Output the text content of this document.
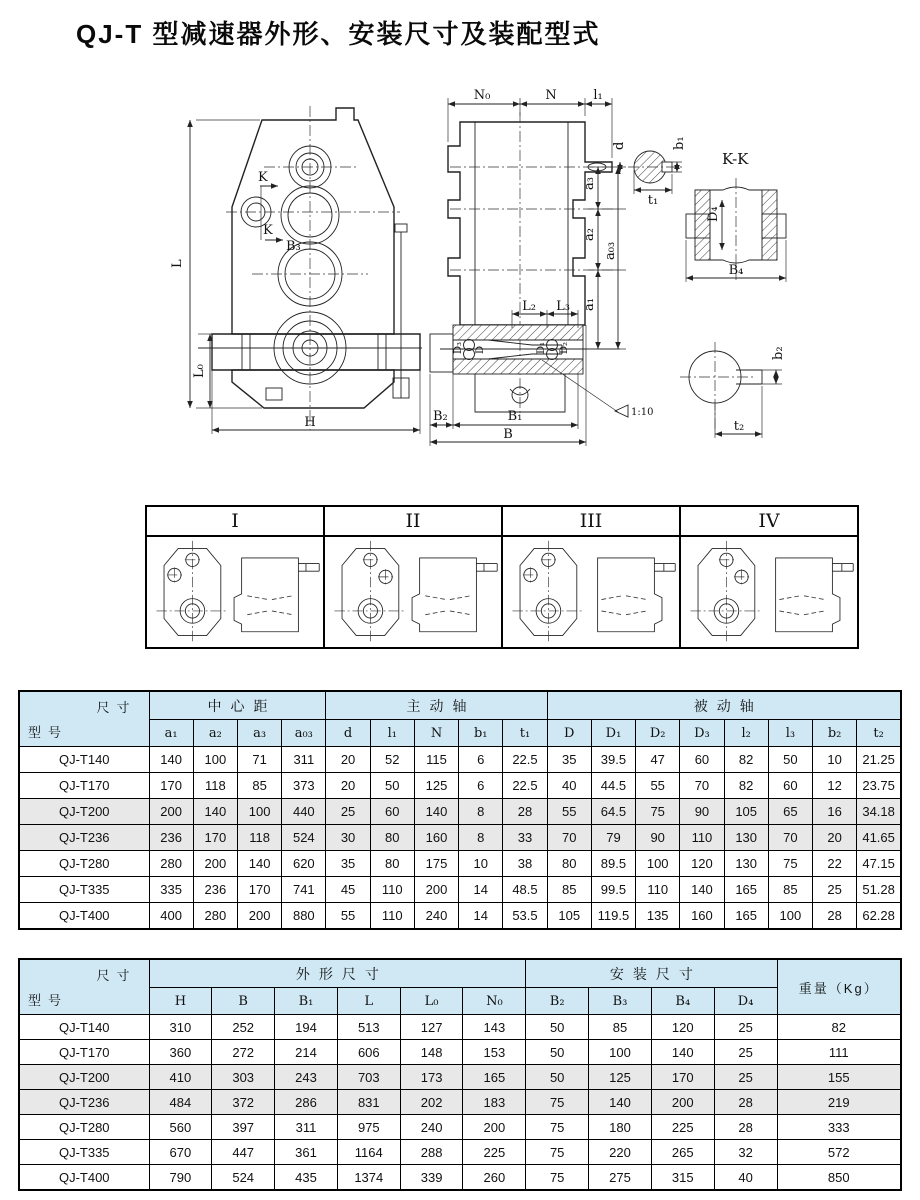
QJ-T 型减速器外形、安装尺寸及装配型式
K
K
B₃
L
L₀
H
N₀	N	l₁
d
a₃
a₂
a₁
a₀₃
D₃ D	D₁ D₂
L₂ L₃
B₂	B₁
B
1:10
b₁
t₁
K-K
D₄
B₄
b₂
t₂
I	II	III	IV
尺寸
型号	中心距				主动轴					被动轴							
	a₁	a₂	a₃	a₀₃	d	l₁	N	b₁	t₁	D	D₁	D₂	D₃	l₂	l₃	b₂	t₂
QJ-T140	140	100	71	311	20	52	115	6	22.5	35	39.5	47	60	82	50	10	21.25
QJ-T170	170	118	85	373	20	50	125	6	22.5	40	44.5	55	70	82	60	12	23.75
QJ-T200	200	140	100	440	25	60	140	8	28	55	64.5	75	90	105	65	16	34.18
QJ-T236	236	170	118	524	30	80	160	8	33	70	79	90	110	130	70	20	41.65
QJ-T280	280	200	140	620	35	80	175	10	38	80	89.5	100	120	130	75	22	47.15
QJ-T335	335	236	170	741	45	110	200	14	48.5	85	99.5	110	140	165	85	25	51.28
QJ-T400	400	280	200	880	55	110	240	14	53.5	105	119.5	135	160	165	100	28	62.28
尺寸
型号	外形尺寸						安装尺寸				重量（Kg）
	H	B	B₁	L	L₀	N₀	B₂	B₃	B₄	D₄	
QJ-T140	310	252	194	513	127	143	50	85	120	25	82
QJ-T170	360	272	214	606	148	153	50	100	140	25	111
QJ-T200	410	303	243	703	173	165	50	125	170	25	155
QJ-T236	484	372	286	831	202	183	75	140	200	28	219
QJ-T280	560	397	311	975	240	200	75	180	225	28	333
QJ-T335	670	447	361	1164	288	225	75	220	265	32	572
QJ-T400	790	524	435	1374	339	260	75	275	315	40	850
